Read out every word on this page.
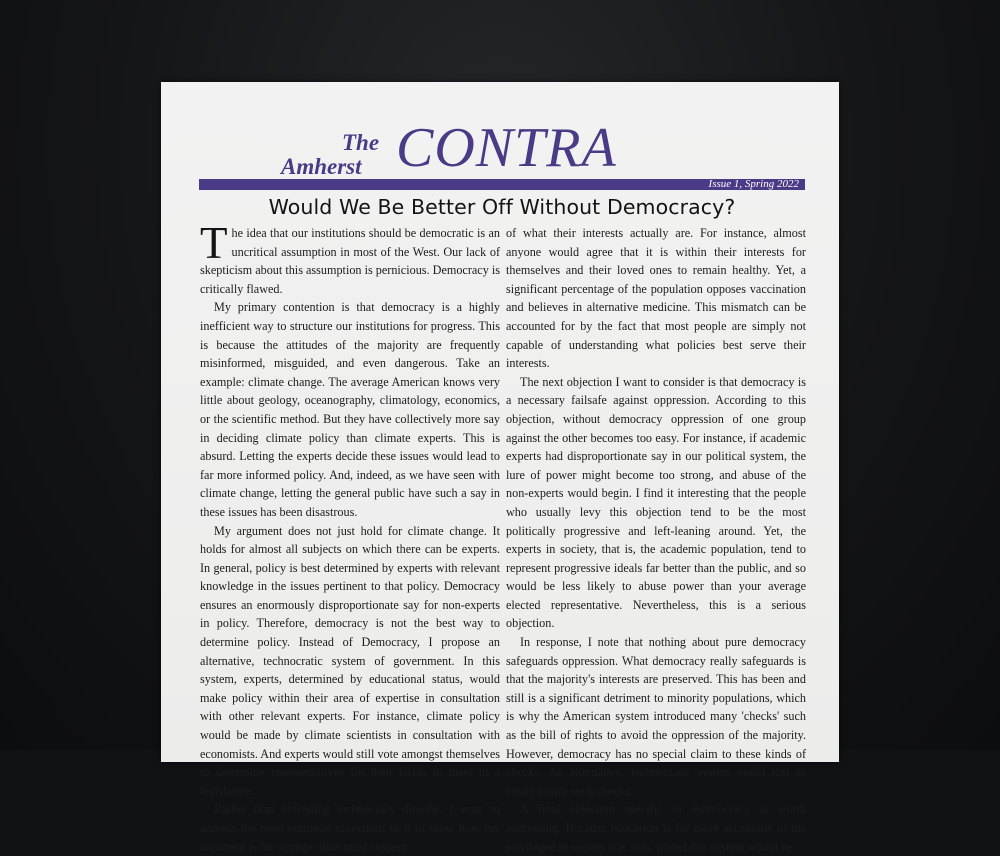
The
Amherst CONTRA
Issue 1, Spring 2022
Would We Be Better Off Without Democracy?

The idea that our institutions should be democratic is an uncritical assumption in most of the West. Our lack of skepticism about this assumption is pernicious. Democracy is critically flawed.

My primary contention is that democracy is a highly inefficient way to structure our institutions for progress. This is because the attitudes of the majority are frequently misinformed, misguided, and even dangerous. Take an example: climate change. The average American knows very little about geology, oceanography, climatology, economics, or the scientific method. But they have collectively more say in deciding climate policy than climate experts. This is absurd. Letting the experts decide these issues would lead to far more informed policy. And, indeed, as we have seen with climate change, letting the general public have such a say in these issues has been disastrous.

My argument does not just hold for climate change. It holds for almost all subjects on which there can be experts. In general, policy is best determined by experts with relevant knowledge in the issues pertinent to that policy. Democracy ensures an enormously disproportionate say for non-experts in policy. Therefore, democracy is not the best way to determine policy. Instead of Democracy, I propose an alternative, technocratic system of government. In this system, experts, determined by educational status, would make policy within their area of expertise in consultation with other relevant experts. For instance, climate policy would be made by climate scientists in consultation with economists. And experts would still vote amongst themselves to determine representatives for their fields to meet in a legislature.

Rather than defending technocracy directly, I want to address the most common objections to it to show how my argument is far stronger than most suspect.

of what their interests actually are. For instance, almost anyone would agree that it is within their interests for themselves and their loved ones to remain healthy. Yet, a significant percentage of the population opposes vaccination and believes in alternative medicine. This mismatch can be accounted for by the fact that most people are simply not capable of understanding what policies best serve their interests.

The next objection I want to consider is that democracy is a necessary failsafe against oppression. According to this objection, without democracy oppression of one group against the other becomes too easy. For instance, if academic experts had disproportionate say in our political system, the lure of power might become too strong, and abuse of the non-experts would begin. I find it interesting that the people who usually levy this objection tend to be the most politically progressive and left-leaning around. Yet, the experts in society, that is, the academic population, tend to represent progressive ideals far better than the public, and so would be less likely to abuse power than your average elected representative. Nevertheless, this is a serious objection.

In response, I note that nothing about pure democracy safeguards oppression. What democracy really safeguards is that the majority's interests are preserved. This has been and still is a significant detriment to minority populations, which is why the American system introduced many 'checks' such as the bill of rights to avoid the oppression of the majority. However, democracy has no special claim to these kinds of checks. An alternative, technocratic system could just as easily utilize such checks.

A final objection specific to technocracy is worth addressing. Because education is far more accessible to the privileged in society (i.e. rich, white) this system would be
